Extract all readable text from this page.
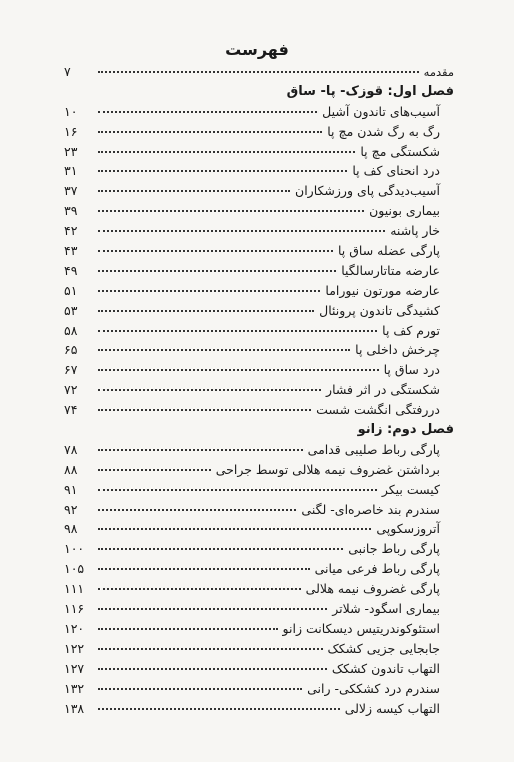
فهرست
مقدمه
۷
فصل اول: قوزک- پا- ساق
آسیب‌های تاندون آشیل
۱۰
رگ به رگ شدن مچ پا
۱۶
شکستگی مچ پا
۲۳
درد انحنای کف پا
۳۱
آسیب‌دیدگی پای ورزشکاران
۳۷
بیماری بونیون
۳۹
خار پاشنه
۴۲
پارگی عضله ساق پا
۴۳
عارضه متاتارسالگیا
۴۹
عارضه مورتون نیوراما
۵۱
کشیدگی تاندون پرونئال
۵۳
تورم کف پا
۵۸
چرخش داخلی پا
۶۵
درد ساق پا
۶۷
شکستگی در اثر فشار
۷۲
دررفتگی انگشت شست
۷۴
فصل دوم: زانو
پارگی رباط صلیبی قدامی
۷۸
برداشتن غضروف نیمه هلالی توسط جراحی
۸۸
کیست بیکر
۹۱
سندرم بند خاصره‌ای- لگنی
۹۲
آتروزسکوپی
۹۸
پارگی رباط جانبی
۱۰۰
پارگی رباط فرعی میانی
۱۰۵
پارگی غضروف نیمه هلالی
۱۱۱
بیماری اسگود- شلاتر
۱۱۶
استئوکوندریتیس دیسکانت زانو
۱۲۰
جابجایی جزیی کشکک
۱۲۲
التهاب تاندون کشکک
۱۲۷
سندرم درد کشککی- رانی
۱۳۲
التهاب کیسه زلالی
۱۳۸
